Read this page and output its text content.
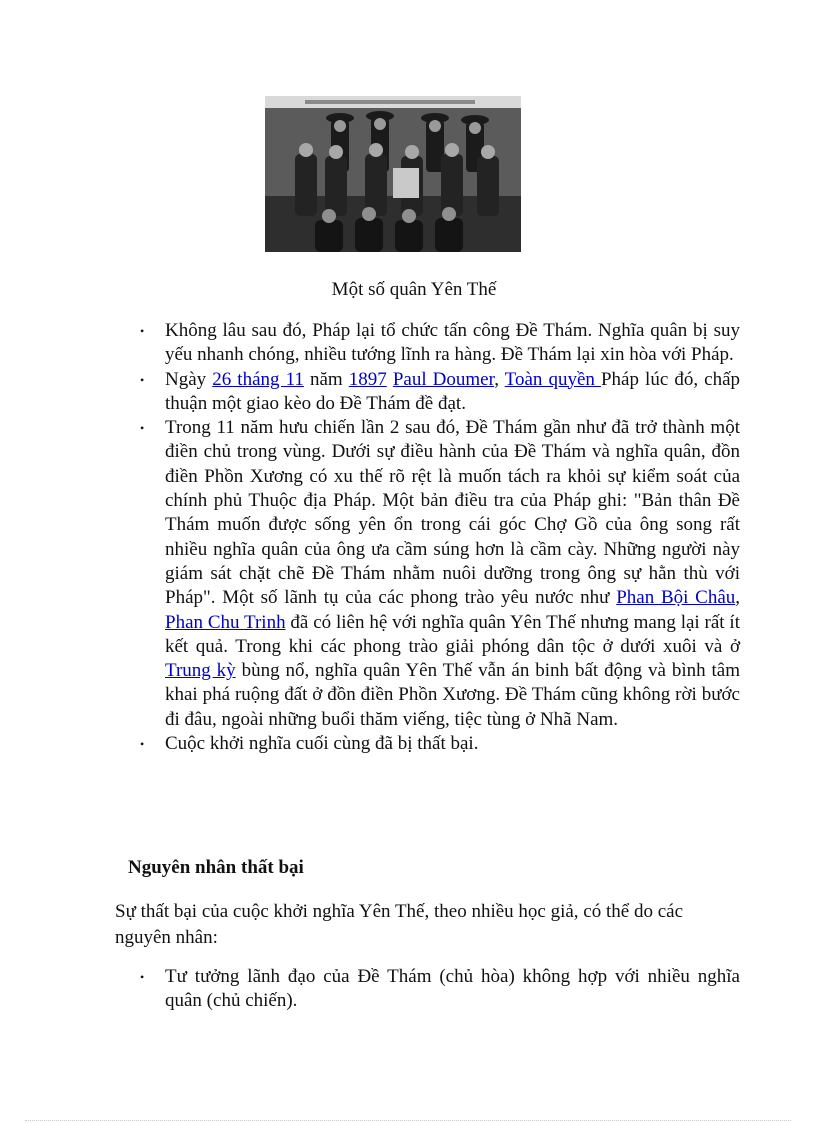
Một số quân Yên Thế
• Không lâu sau đó, Pháp lại tổ chức tấn công Đề Thám. Nghĩa quân bị suy yếu nhanh chóng, nhiều tướng lĩnh ra hàng. Đề Thám lại xin hòa với Pháp.
• Ngày 26 tháng 11 năm 1897 Paul Doumer, Toàn quyền Pháp lúc đó, chấp thuận một giao kèo do Đề Thám đề đạt.
• Trong 11 năm hưu chiến lần 2 sau đó, Đề Thám gần như đã trở thành một điền chủ trong vùng. Dưới sự điều hành của Đề Thám và nghĩa quân, đồn điền Phồn Xương có xu thế rõ rệt là muốn tách ra khỏi sự kiểm soát của chính phủ Thuộc địa Pháp. Một bản điều tra của Pháp ghi: "Bản thân Đề Thám muốn được sống yên ổn trong cái góc Chợ Gồ của ông song rất nhiều nghĩa quân của ông ưa cầm súng hơn là cầm cày. Những người này giám sát chặt chẽ Đề Thám nhằm nuôi dưỡng trong ông sự hằn thù với Pháp". Một số lãnh tụ của các phong trào yêu nước như Phan Bội Châu, Phan Chu Trinh đã có liên hệ với nghĩa quân Yên Thế nhưng mang lại rất ít kết quả. Trong khi các phong trào giải phóng dân tộc ở dưới xuôi và ở Trung kỳ bùng nổ, nghĩa quân Yên Thế vẫn án binh bất động và bình tâm khai phá ruộng đất ở đồn điền Phồn Xương. Đề Thám cũng không rời bước đi đâu, ngoài những buổi thăm viếng, tiệc tùng ở Nhã Nam.
• Cuộc khởi nghĩa cuối cùng đã bị thất bại.
Nguyên nhân thất bại
Sự thất bại của cuộc khởi nghĩa Yên Thế, theo nhiều học giả, có thể do các nguyên nhân:
• Tư tưởng lãnh đạo của Đề Thám (chủ hòa) không hợp với nhiều nghĩa quân (chủ chiến).
